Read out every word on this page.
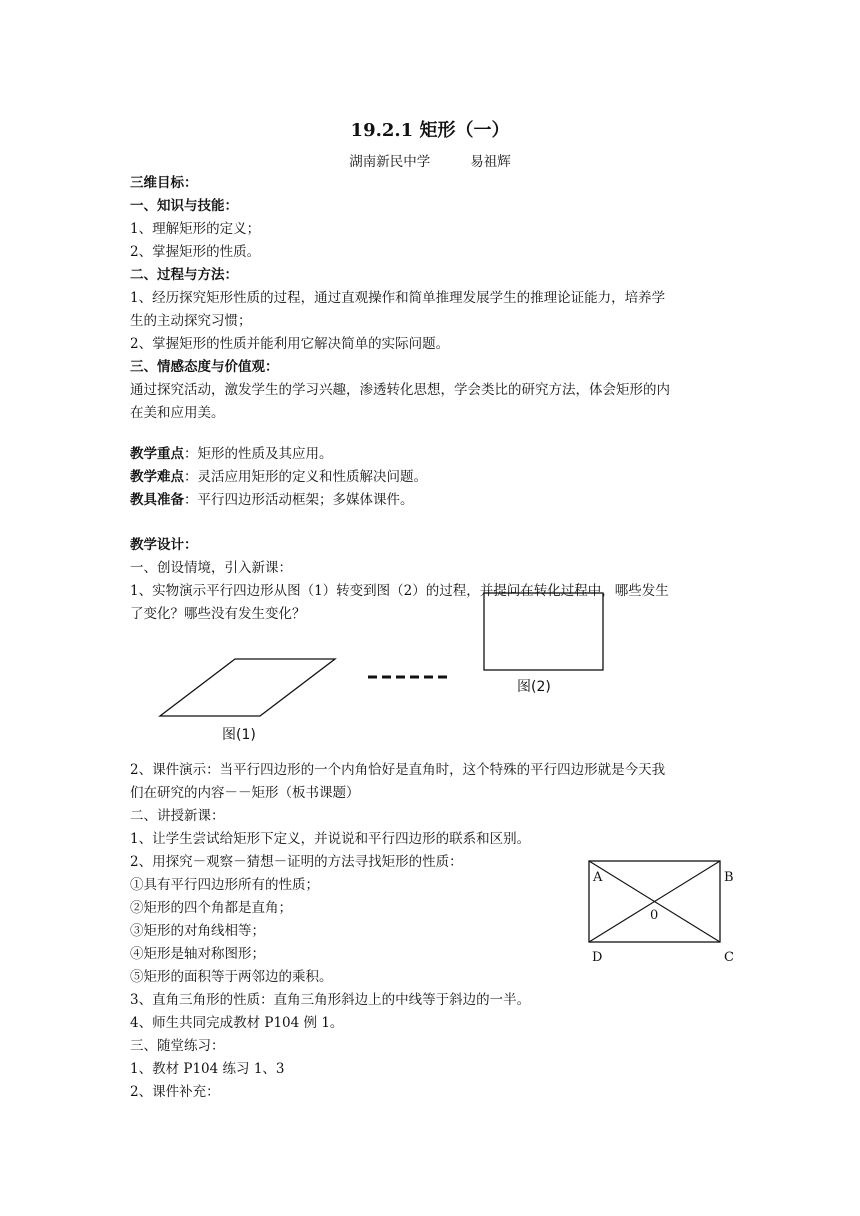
19.2.1 矩形（一）
湖南新民中学	易祖辉
三维目标：
一、知识与技能：
1、理解矩形的定义；
2、掌握矩形的性质。
二、过程与方法：
1、经历探究矩形性质的过程，通过直观操作和简单推理发展学生的推理论证能力，培养学
生的主动探究习惯；
2、掌握矩形的性质并能利用它解决简单的实际问题。
三、情感态度与价值观：
通过探究活动，激发学生的学习兴趣，渗透转化思想，学会类比的研究方法，体会矩形的内
在美和应用美。
教学重点：矩形的性质及其应用。
教学难点：灵活应用矩形的定义和性质解决问题。
教具准备：平行四边形活动框架；多媒体课件。
教学设计：
一、创设情境，引入新课：
1、实物演示平行四边形从图（1）转变到图（2）的过程，并提问在转化过程中，哪些发生
了变化？哪些没有发生变化？
图(2)
图(1)
2、课件演示：当平行四边形的一个内角恰好是直角时，这个特殊的平行四边形就是今天我
们在研究的内容－－矩形（板书课题）
二、讲授新课：
1、让学生尝试给矩形下定义，并说说和平行四边形的联系和区别。
2、用探究－观察－猜想－证明的方法寻找矩形的性质：
①具有平行四边形所有的性质；
②矩形的四个角都是直角；
③矩形的对角线相等；
④矩形是轴对称图形；
⑤矩形的面积等于两邻边的乘积。
3、直角三角形的性质：直角三角形斜边上的中线等于斜边的一半。
4、师生共同完成教材 P104 例 1。
三、随堂练习：
1、教材 P104 练习 1、3
2、课件补充：
A	B
0
D	C
